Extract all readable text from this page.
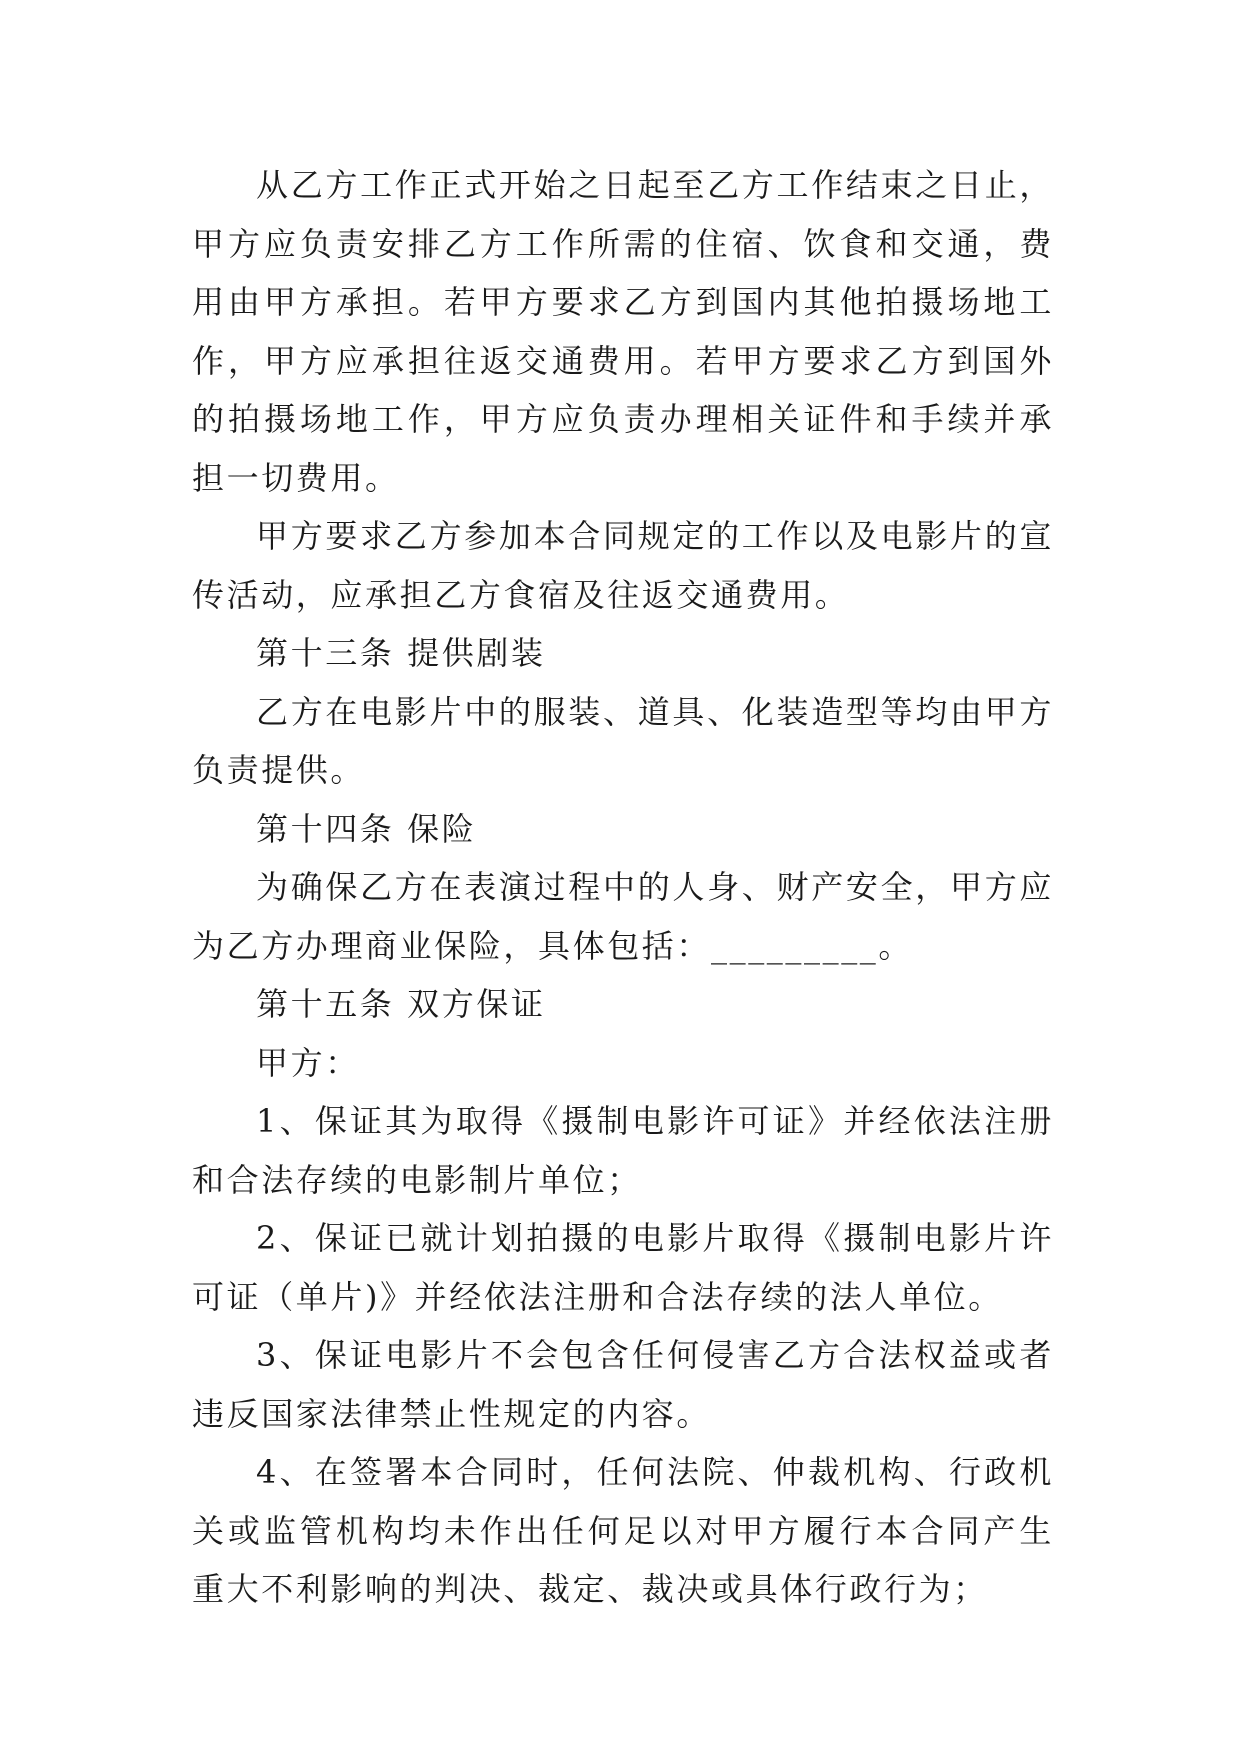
从乙方工作正式开始之日起至乙方工作结束之日止，甲方应负责安排乙方工作所需的住宿、饮食和交通，费用由甲方承担。若甲方要求乙方到国内其他拍摄场地工作，甲方应承担往返交通费用。若甲方要求乙方到国外的拍摄场地工作，甲方应负责办理相关证件和手续并承担一切费用。

甲方要求乙方参加本合同规定的工作以及电影片的宣传活动，应承担乙方食宿及往返交通费用。

第十三条 提供剧装

乙方在电影片中的服装、道具、化装造型等均由甲方负责提供。

第十四条 保险

为确保乙方在表演过程中的人身、财产安全，甲方应为乙方办理商业保险，具体包括：_________。

第十五条 双方保证

甲方：

1、保证其为取得《摄制电影许可证》并经依法注册和合法存续的电影制片单位；

2、保证已就计划拍摄的电影片取得《摄制电影片许可证（单片)》并经依法注册和合法存续的法人单位。

3、保证电影片不会包含任何侵害乙方合法权益或者违反国家法律禁止性规定的内容。

4、在签署本合同时，任何法院、仲裁机构、行政机关或监管机构均未作出任何足以对甲方履行本合同产生重大不利影响的判决、裁定、裁决或具体行政行为；
